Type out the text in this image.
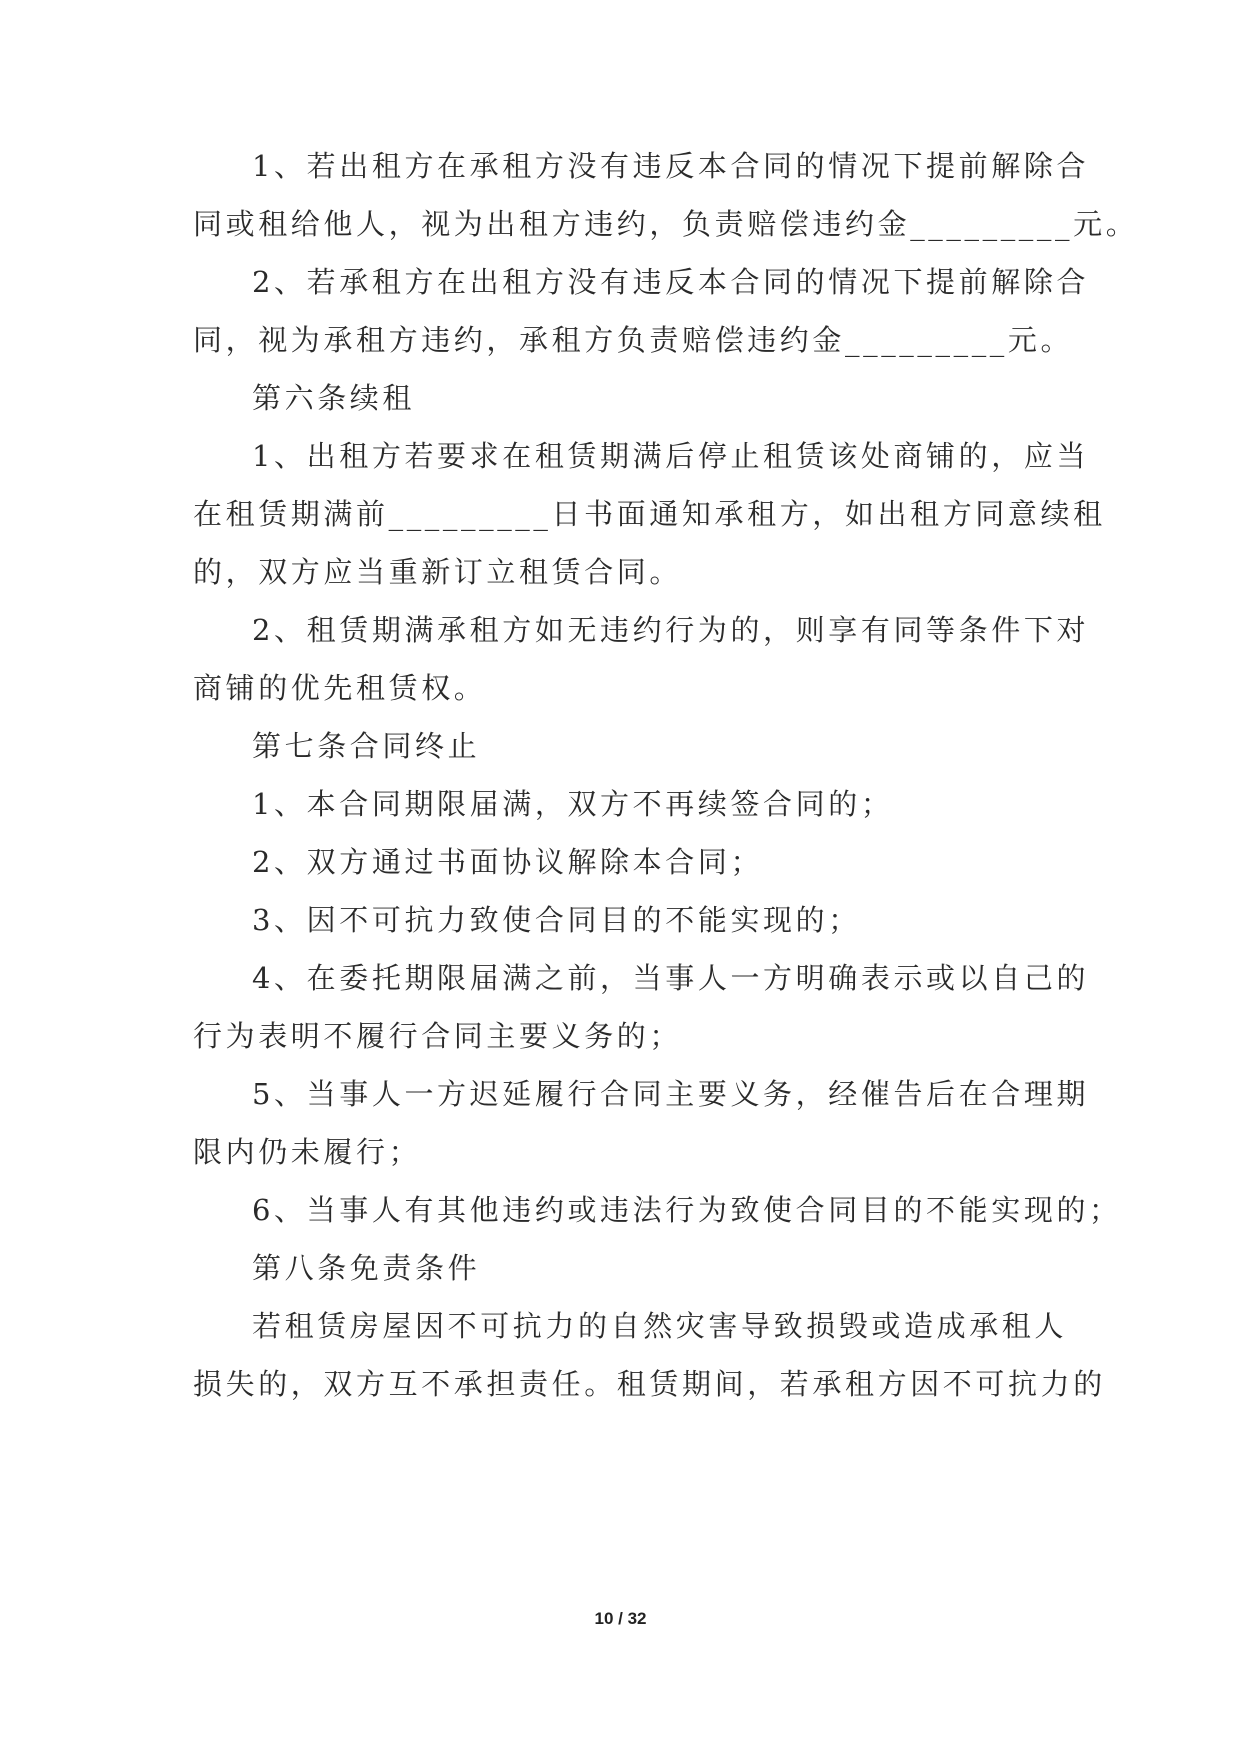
1、若出租方在承租方没有违反本合同的情况下提前解除合
同或租给他人，视为出租方违约，负责赔偿违约金_________元。
2、若承租方在出租方没有违反本合同的情况下提前解除合
同，视为承租方违约，承租方负责赔偿违约金_________元。
第六条续租
1、出租方若要求在租赁期满后停止租赁该处商铺的，应当
在租赁期满前_________日书面通知承租方，如出租方同意续租
的，双方应当重新订立租赁合同。
2、租赁期满承租方如无违约行为的，则享有同等条件下对
商铺的优先租赁权。
第七条合同终止
1、本合同期限届满，双方不再续签合同的；
2、双方通过书面协议解除本合同；
3、因不可抗力致使合同目的不能实现的；
4、在委托期限届满之前，当事人一方明确表示或以自己的
行为表明不履行合同主要义务的；
5、当事人一方迟延履行合同主要义务，经催告后在合理期
限内仍未履行；
6、当事人有其他违约或违法行为致使合同目的不能实现的；
第八条免责条件
若租赁房屋因不可抗力的自然灾害导致损毁或造成承租人
损失的，双方互不承担责任。租赁期间，若承租方因不可抗力的
10 / 32
